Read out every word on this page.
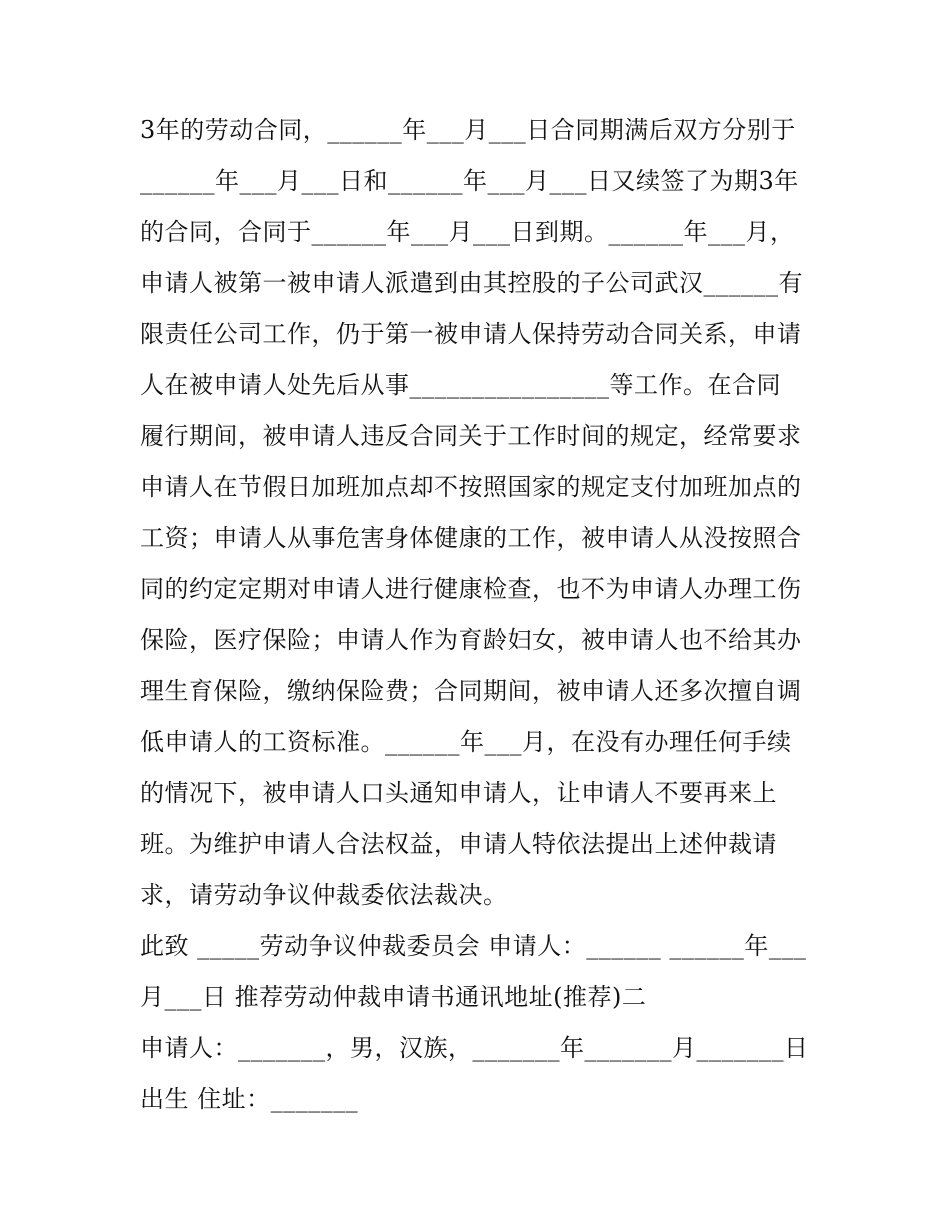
3年的劳动合同，______年___月___日合同期满后双方分别于

______年___月___日和______年___月___日又续签了为期3年

的合同，合同于______年___月___日到期。______年___月，

申请人被第一被申请人派遣到由其控股的子公司武汉______有

限责任公司工作，仍于第一被申请人保持劳动合同关系，申请

人在被申请人处先后从事________________等工作。在合同

履行期间，被申请人违反合同关于工作时间的规定，经常要求

申请人在节假日加班加点却不按照国家的规定支付加班加点的

工资；申请人从事危害身体健康的工作，被申请人从没按照合

同的约定定期对申请人进行健康检查，也不为申请人办理工伤

保险，医疗保险；申请人作为育龄妇女，被申请人也不给其办

理生育保险，缴纳保险费；合同期间，被申请人还多次擅自调

低申请人的工资标准。______年___月，在没有办理任何手续

的情况下，被申请人口头通知申请人，让申请人不要再来上

班。为维护申请人合法权益，申请人特依法提出上述仲裁请

求，请劳动争议仲裁委依法裁决。

此致 _____劳动争议仲裁委员会 申请人：______ ______年___

月___日 推荐劳动仲裁申请书通讯地址(推荐)二

申请人：_______，男，汉族，_______年_______月_______日

出生 住址：_______
